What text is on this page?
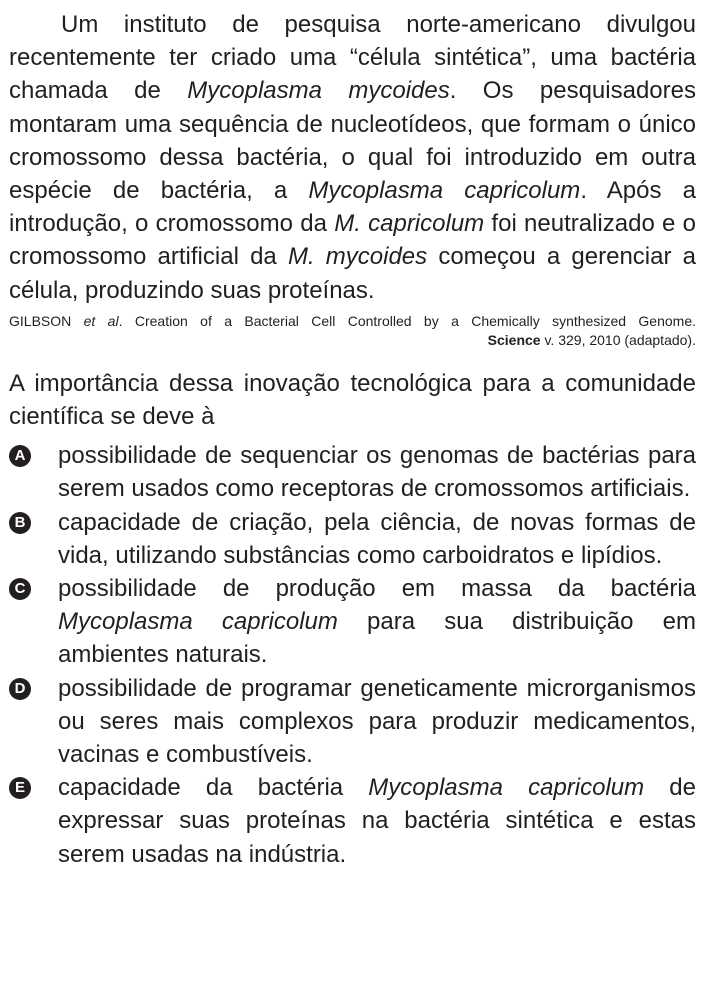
Um instituto de pesquisa norte-americano divulgou recentemente ter criado uma “célula sintética”, uma bactéria chamada de Mycoplasma mycoides. Os pesquisadores montaram uma sequência de nucleotídeos, que formam o único cromossomo dessa bactéria, o qual foi introduzido em outra espécie de bactéria, a Mycoplasma capricolum. Após a introdução, o cromossomo da M. capricolum foi neutralizado e o cromossomo artificial da M. mycoides começou a gerenciar a célula, produzindo suas proteínas.

GILBSON et al. Creation of a Bacterial Cell Controlled by a Chemically synthesized Genome.
Science v. 329, 2010 (adaptado).

A importância dessa inovação tecnológica para a comunidade científica se deve à

A possibilidade de sequenciar os genomas de bactérias para serem usados como receptoras de cromossomos artificiais.
B capacidade de criação, pela ciência, de novas formas de vida, utilizando substâncias como carboidratos e lipídios.
C possibilidade de produção em massa da bactéria Mycoplasma capricolum para sua distribuição em ambientes naturais.
D possibilidade de programar geneticamente microrganismos ou seres mais complexos para produzir medicamentos, vacinas e combustíveis.
E capacidade da bactéria Mycoplasma capricolum de expressar suas proteínas na bactéria sintética e estas serem usadas na indústria.
